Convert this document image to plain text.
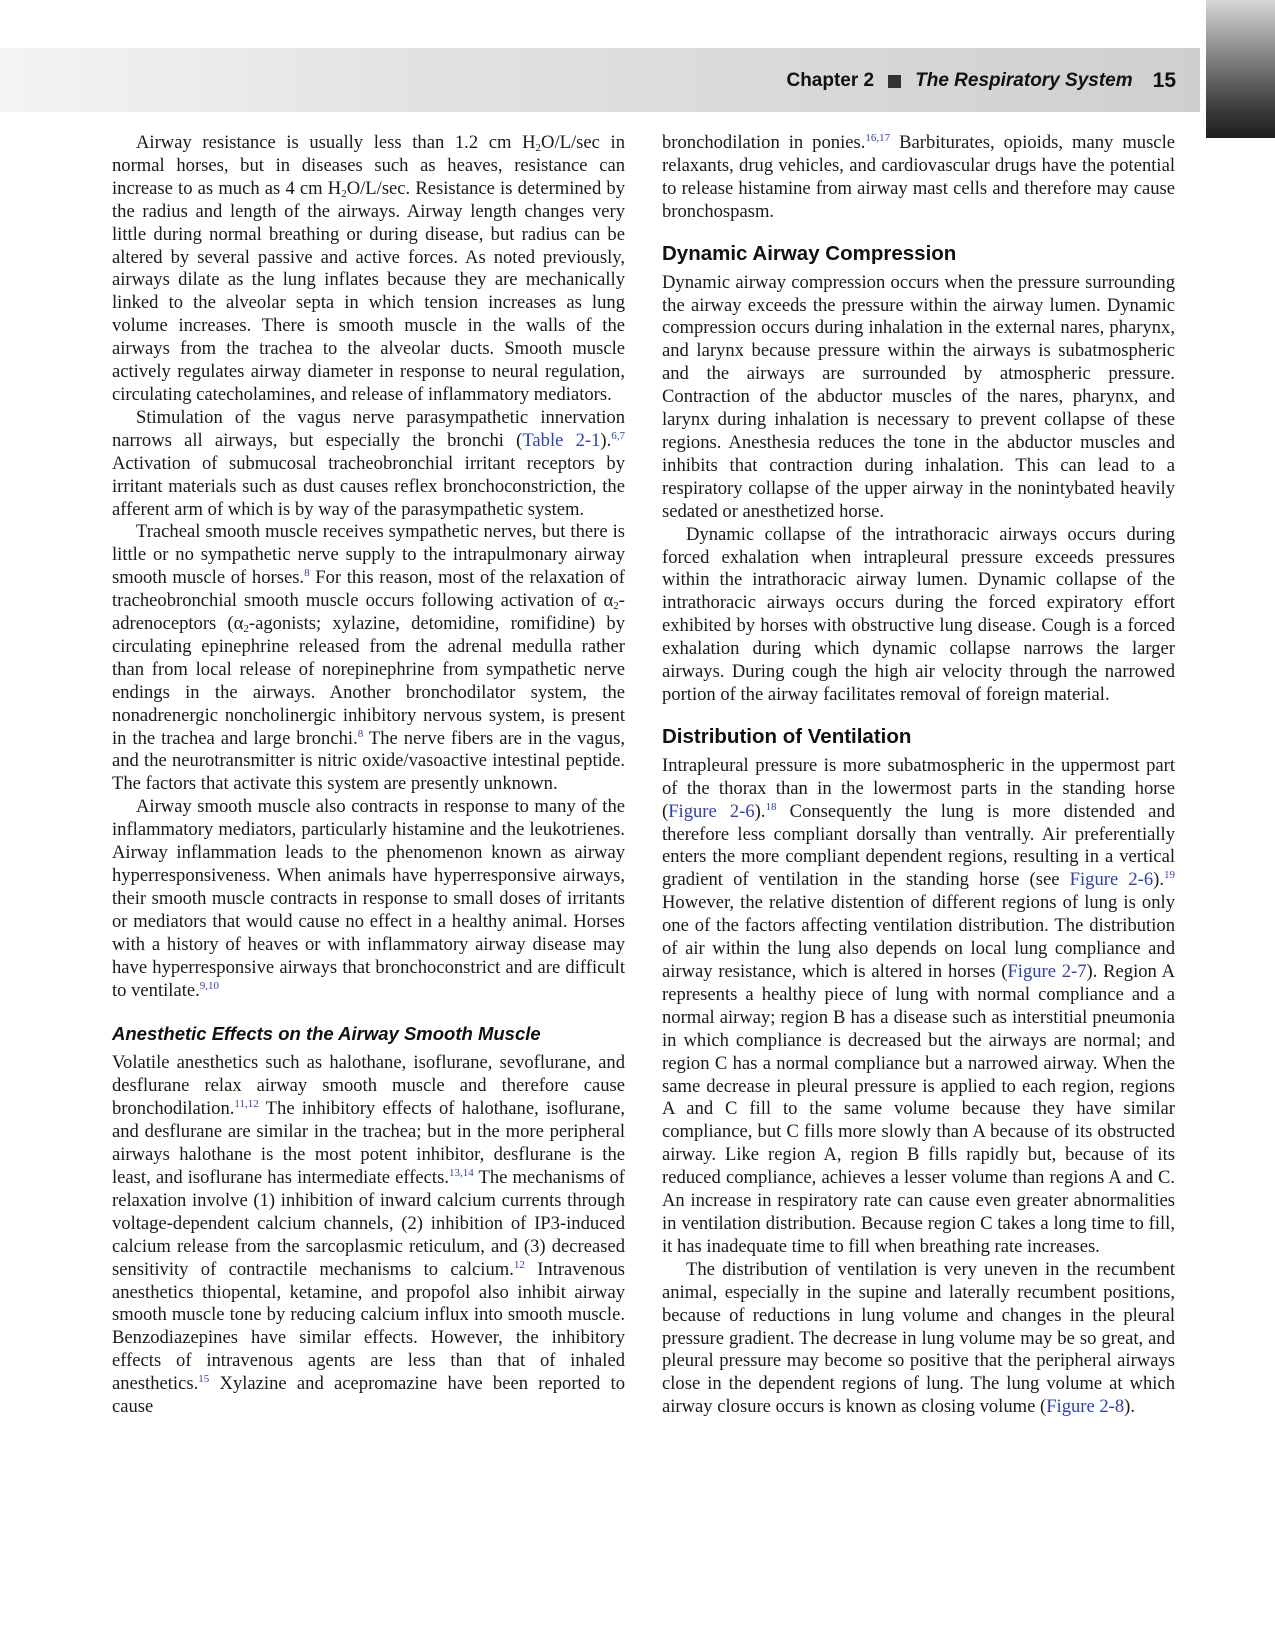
Chapter 2 The Respiratory System 15

Airway resistance is usually less than 1.2 cm $H_2O/L/\sec$ in normal horses, but in diseases such as heaves, resistance can increase to as much as 4 cm $H_2O/L/\sec$. Resistance is determined by the radius and length of the airways. Airway length changes very little during normal breathing or during disease, but radius can be altered by several passive and active forces. As noted previously, airways dilate as the lung inflates because they are mechanically linked to the alveolar septa in which tension increases as lung volume increases. There is smooth muscle in the walls of the airways from the trachea to the alveolar ducts. Smooth muscle actively regulates airway diameter in response to neural regulation, circulating catecholamines, and release of inflammatory mediators.

Stimulation of the vagus nerve parasympathetic innervation narrows all airways, but especially the bronchi (Table 2-1).$^{6,7}$ Activation of submucosal tracheobronchial irritant receptors by irritant materials such as dust causes reflex bronchoconstriction, the afferent arm of which is by way of the parasympathetic system.

Tracheal smooth muscle receives sympathetic nerves, but there is little or no sympathetic nerve supply to the intrapulmonary airway smooth muscle of horses.$^8$ For this reason, most of the relaxation of tracheobronchial smooth muscle occurs following activation of $\alpha_2$-adrenoceptors ($\alpha_2$-agonists; xylazine, detomidine, romifidine) by circulating epinephrine released from the adrenal medulla rather than from local release of norepinephrine from sympathetic nerve endings in the airways. Another bronchodilator system, the nonadrenergic noncholinergic inhibitory nervous system, is present in the trachea and large bronchi.$^8$ The nerve fibers are in the vagus, and the neurotransmitter is nitric oxide/vasoactive intestinal peptide. The factors that activate this system are presently unknown.

Airway smooth muscle also contracts in response to many of the inflammatory mediators, particularly histamine and the leukotrienes. Airway inflammation leads to the phenomenon known as airway hyperresponsiveness. When animals have hyperresponsive airways, their smooth muscle contracts in response to small doses of irritants or mediators that would cause no effect in a healthy animal. Horses with a history of heaves or with inflammatory airway disease may have hyperresponsive airways that bronchoconstrict and are difficult to ventilate.$^{9,10}$

Anesthetic Effects on the Airway Smooth Muscle

Volatile anesthetics such as halothane, isoflurane, sevoflurane, and desflurane relax airway smooth muscle and therefore cause bronchodilation.$^{11,12}$ The inhibitory effects of halothane, isoflurane, and desflurane are similar in the trachea; but in the more peripheral airways halothane is the most potent inhibitor, desflurane is the least, and isoflurane has intermediate effects.$^{13,14}$ The mechanisms of relaxation involve (1) inhibition of inward calcium currents through voltage-dependent calcium channels, (2) inhibition of IP3-induced calcium release from the sarcoplasmic reticulum, and (3) decreased sensitivity of contractile mechanisms to calcium.$^{12}$ Intravenous anesthetics thiopental, ketamine, and propofol also inhibit airway smooth muscle tone by reducing calcium influx into smooth muscle. Benzodiazepines have similar effects. However, the inhibitory effects of intravenous agents are less than that of inhaled anesthetics.$^{15}$ Xylazine and acepromazine have been reported to cause

bronchodilation in ponies.$^{16,17}$ Barbiturates, opioids, many muscle relaxants, drug vehicles, and cardiovascular drugs have the potential to release histamine from airway mast cells and therefore may cause bronchospasm.

Dynamic Airway Compression

Dynamic airway compression occurs when the pressure surrounding the airway exceeds the pressure within the airway lumen. Dynamic compression occurs during inhalation in the external nares, pharynx, and larynx because pressure within the airways is subatmospheric and the airways are surrounded by atmospheric pressure. Contraction of the abductor muscles of the nares, pharynx, and larynx during inhalation is necessary to prevent collapse of these regions. Anesthesia reduces the tone in the abductor muscles and inhibits that contraction during inhalation. This can lead to a respiratory collapse of the upper airway in the nonintybated heavily sedated or anesthetized horse.

Dynamic collapse of the intrathoracic airways occurs during forced exhalation when intrapleural pressure exceeds pressures within the intrathoracic airway lumen. Dynamic collapse of the intrathoracic airways occurs during the forced expiratory effort exhibited by horses with obstructive lung disease. Cough is a forced exhalation during which dynamic collapse narrows the larger airways. During cough the high air velocity through the narrowed portion of the airway facilitates removal of foreign material.

Distribution of Ventilation

Intrapleural pressure is more subatmospheric in the uppermost part of the thorax than in the lowermost parts in the standing horse (Figure 2-6).$^{18}$ Consequently the lung is more distended and therefore less compliant dorsally than ventrally. Air preferentially enters the more compliant dependent regions, resulting in a vertical gradient of ventilation in the standing horse (see Figure 2-6).$^{19}$ However, the relative distention of different regions of lung is only one of the factors affecting ventilation distribution. The distribution of air within the lung also depends on local lung compliance and airway resistance, which is altered in horses (Figure 2-7). Region A represents a healthy piece of lung with normal compliance and a normal airway; region B has a disease such as interstitial pneumonia in which compliance is decreased but the airways are normal; and region C has a normal compliance but a narrowed airway. When the same decrease in pleural pressure is applied to each region, regions A and C fill to the same volume because they have similar compliance, but C fills more slowly than A because of its obstructed airway. Like region A, region B fills rapidly but, because of its reduced compliance, achieves a lesser volume than regions A and C. An increase in respiratory rate can cause even greater abnormalities in ventilation distribution. Because region C takes a long time to fill, it has inadequate time to fill when breathing rate increases.

The distribution of ventilation is very uneven in the recumbent animal, especially in the supine and laterally recumbent positions, because of reductions in lung volume and changes in the pleural pressure gradient. The decrease in lung volume may be so great, and pleural pressure may become so positive that the peripheral airways close in the dependent regions of lung. The lung volume at which airway closure occurs is known as closing volume (Figure 2-8).
